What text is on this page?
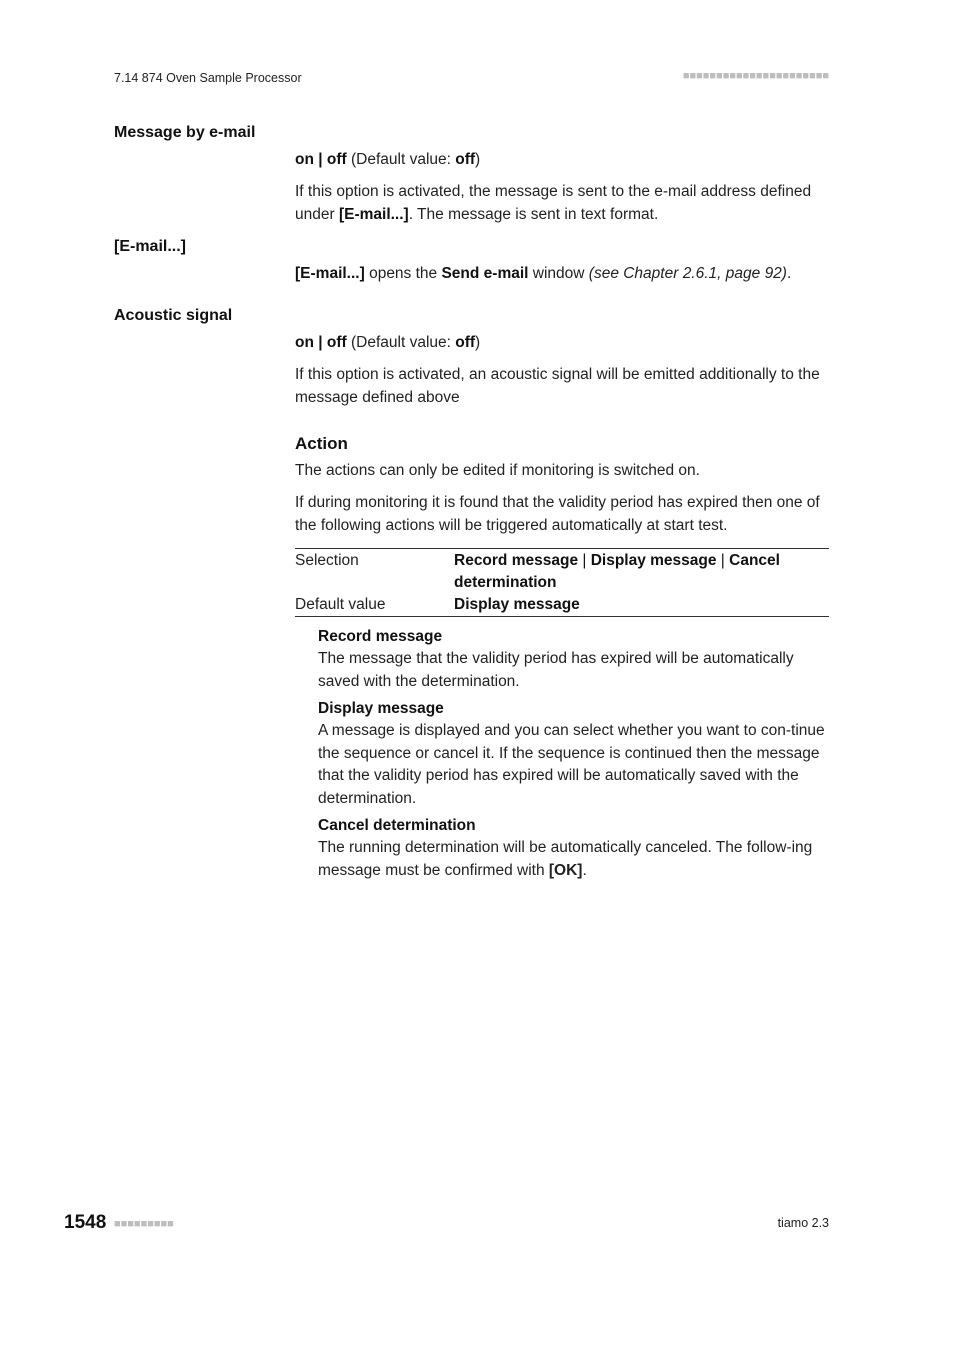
7.14 874 Oven Sample Processor	■■■■■■■■■■■■■■■■■■■■■■
Message by e-mail
on | off (Default value: off)
If this option is activated, the message is sent to the e-mail address defined under [E-mail...]. The message is sent in text format.
[E-mail...]
[E-mail...] opens the Send e-mail window (see Chapter 2.6.1, page 92).
Acoustic signal
on | off (Default value: off)
If this option is activated, an acoustic signal will be emitted additionally to the message defined above
Action
The actions can only be edited if monitoring is switched on.
If during monitoring it is found that the validity period has expired then one of the following actions will be triggered automatically at start test.
Selection	Record message | Display message | Cancel determination
Default value	Display message
Record message
The message that the validity period has expired will be automatically saved with the determination.
Display message
A message is displayed and you can select whether you want to con-tinue the sequence or cancel it. If the sequence is continued then the message that the validity period has expired will be automatically saved with the determination.
Cancel determination
The running determination will be automatically canceled. The follow-ing message must be confirmed with [OK].
1548 ■■■■■■■■■	tiamo 2.3
